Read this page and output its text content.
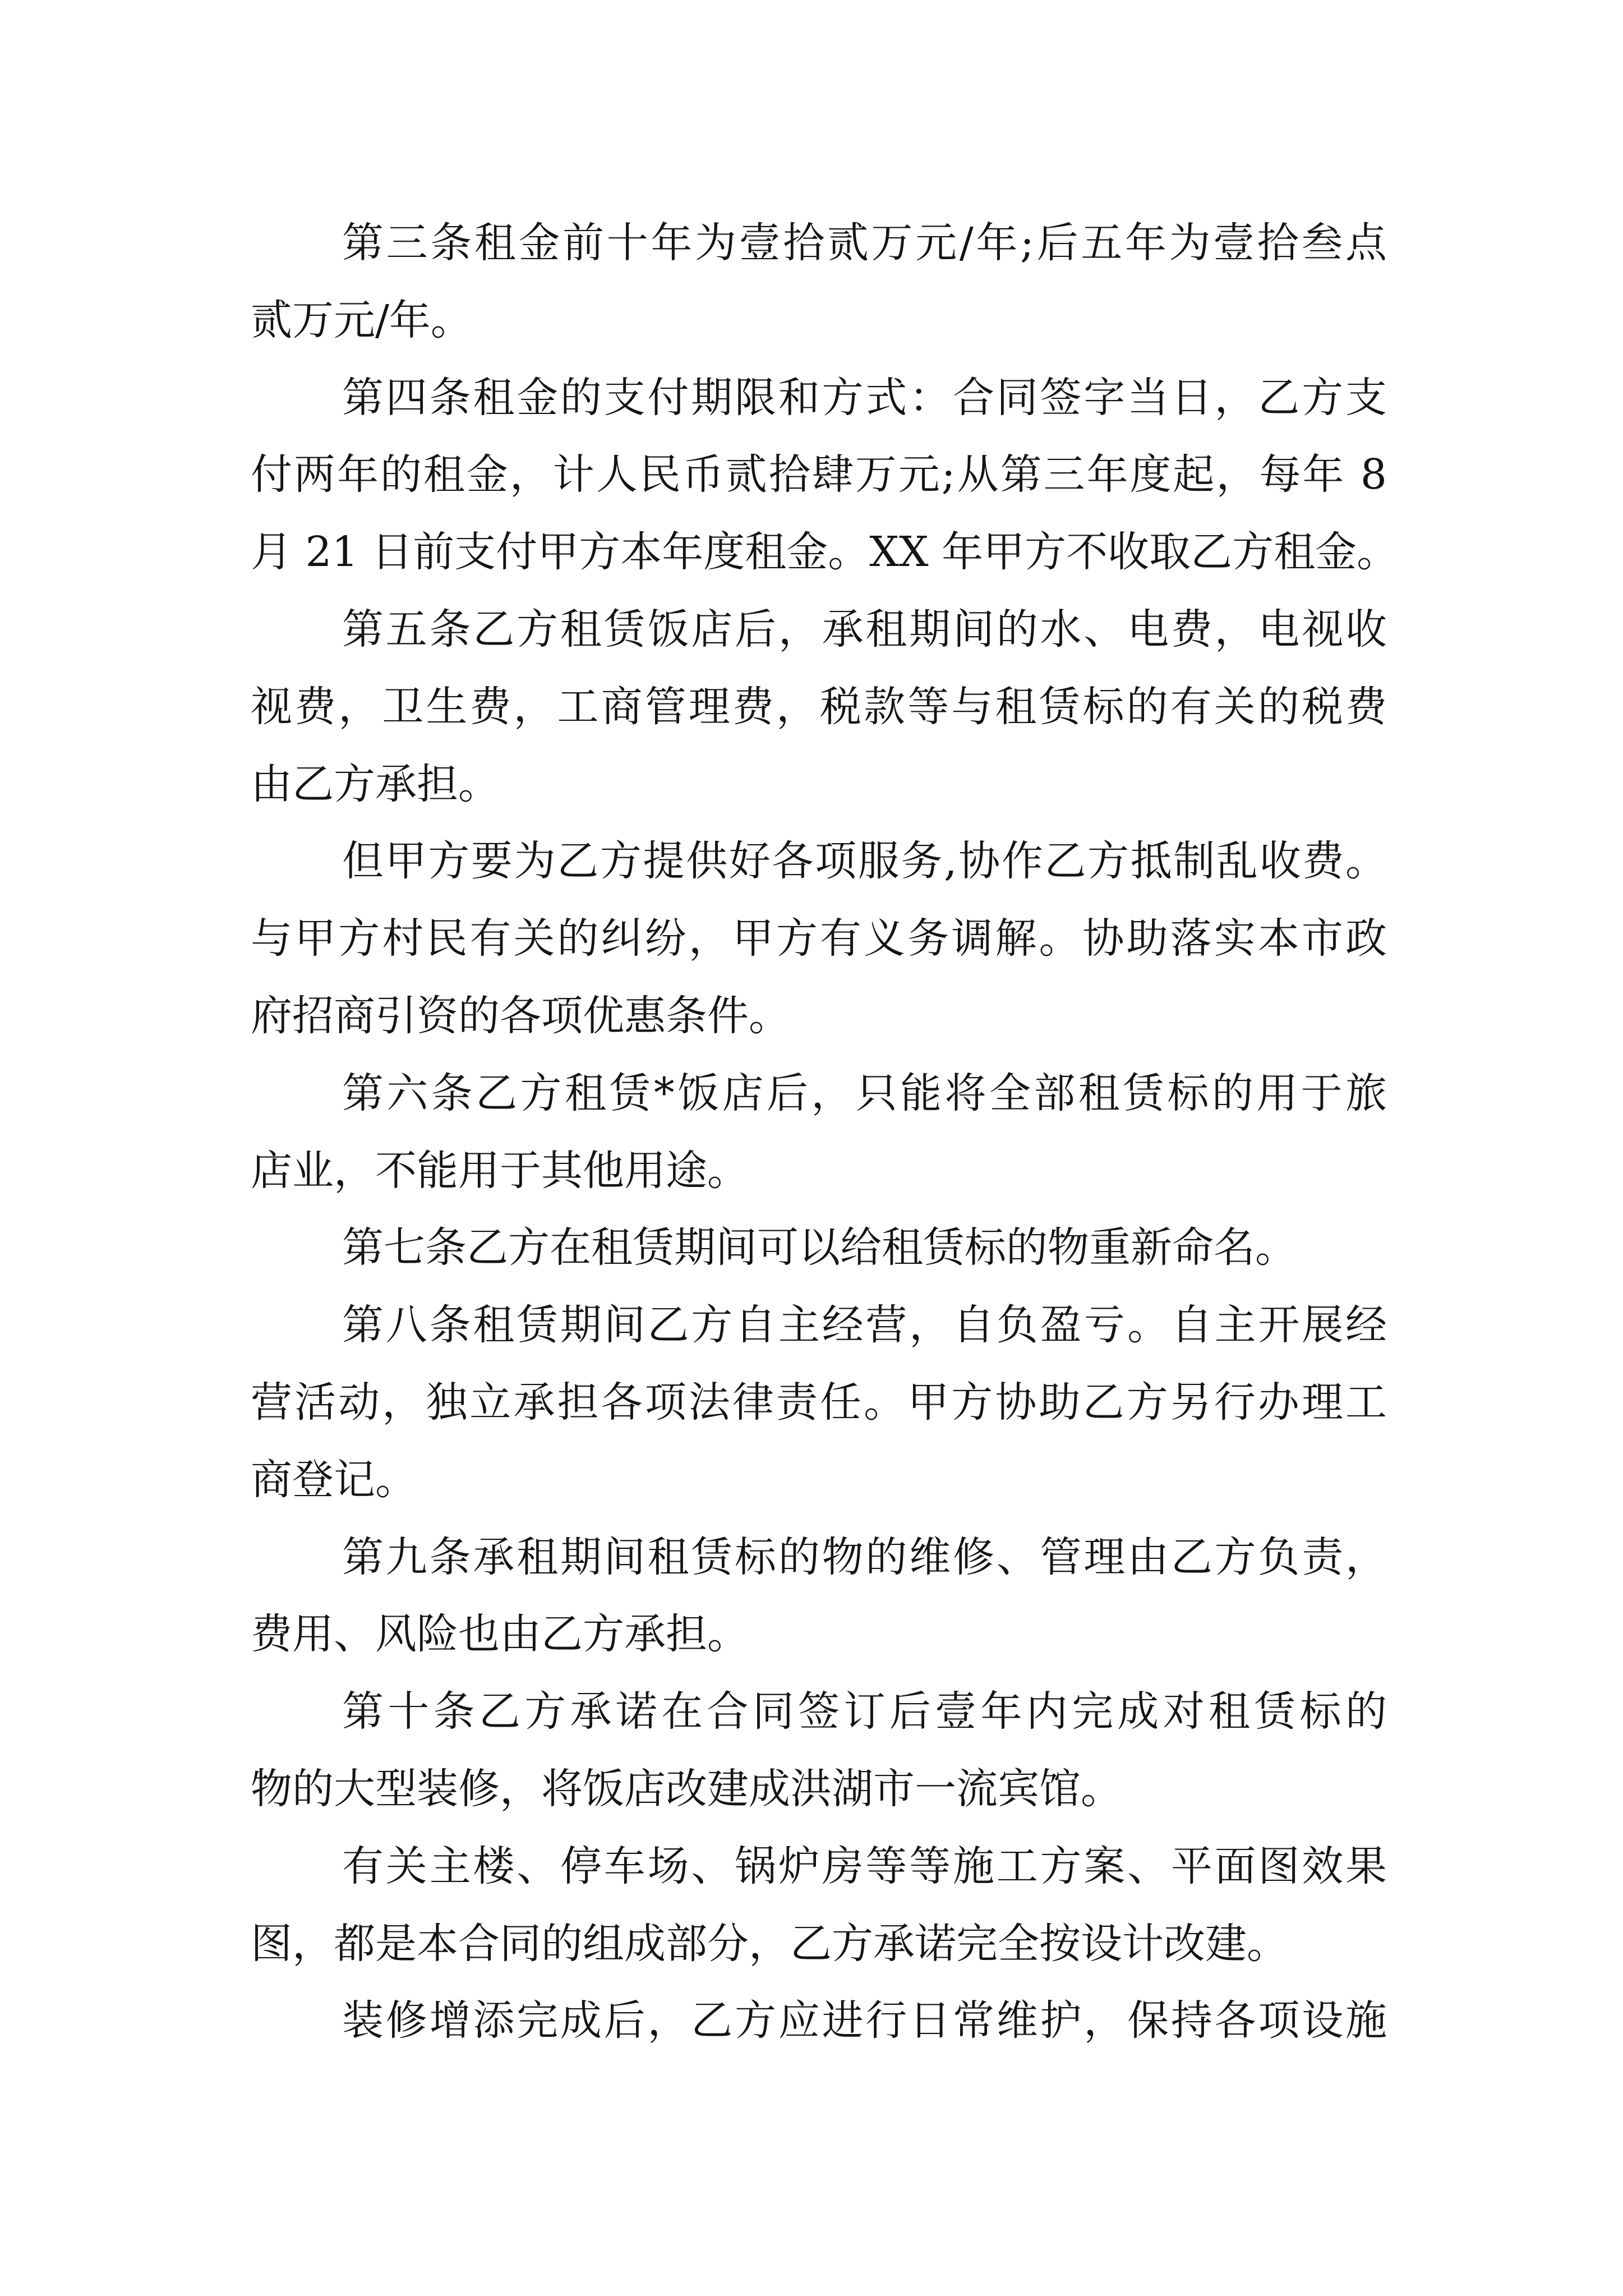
第三条租金前十年为壹拾贰万元/年;后五年为壹拾叁点
贰万元/年。
第四条租金的支付期限和方式：合同签字当日，乙方支
付两年的租金，计人民币贰拾肆万元;从第三年度起，每年 8
月 21 日前支付甲方本年度租金。XX 年甲方不收取乙方租金。
第五条乙方租赁饭店后，承租期间的水、电费，电视收
视费，卫生费，工商管理费，税款等与租赁标的有关的税费
由乙方承担。
但甲方要为乙方提供好各项服务,协作乙方抵制乱收费。
与甲方村民有关的纠纷，甲方有义务调解。协助落实本市政
府招商引资的各项优惠条件。
第六条乙方租赁*饭店后，只能将全部租赁标的用于旅
店业，不能用于其他用途。
第七条乙方在租赁期间可以给租赁标的物重新命名。
第八条租赁期间乙方自主经营，自负盈亏。自主开展经
营活动，独立承担各项法律责任。甲方协助乙方另行办理工
商登记。
第九条承租期间租赁标的物的维修、管理由乙方负责，
费用、风险也由乙方承担。
第十条乙方承诺在合同签订后壹年内完成对租赁标的
物的大型装修，将饭店改建成洪湖市一流宾馆。
有关主楼、停车场、锅炉房等等施工方案、平面图效果
图，都是本合同的组成部分，乙方承诺完全按设计改建。
装修增添完成后，乙方应进行日常维护，保持各项设施
